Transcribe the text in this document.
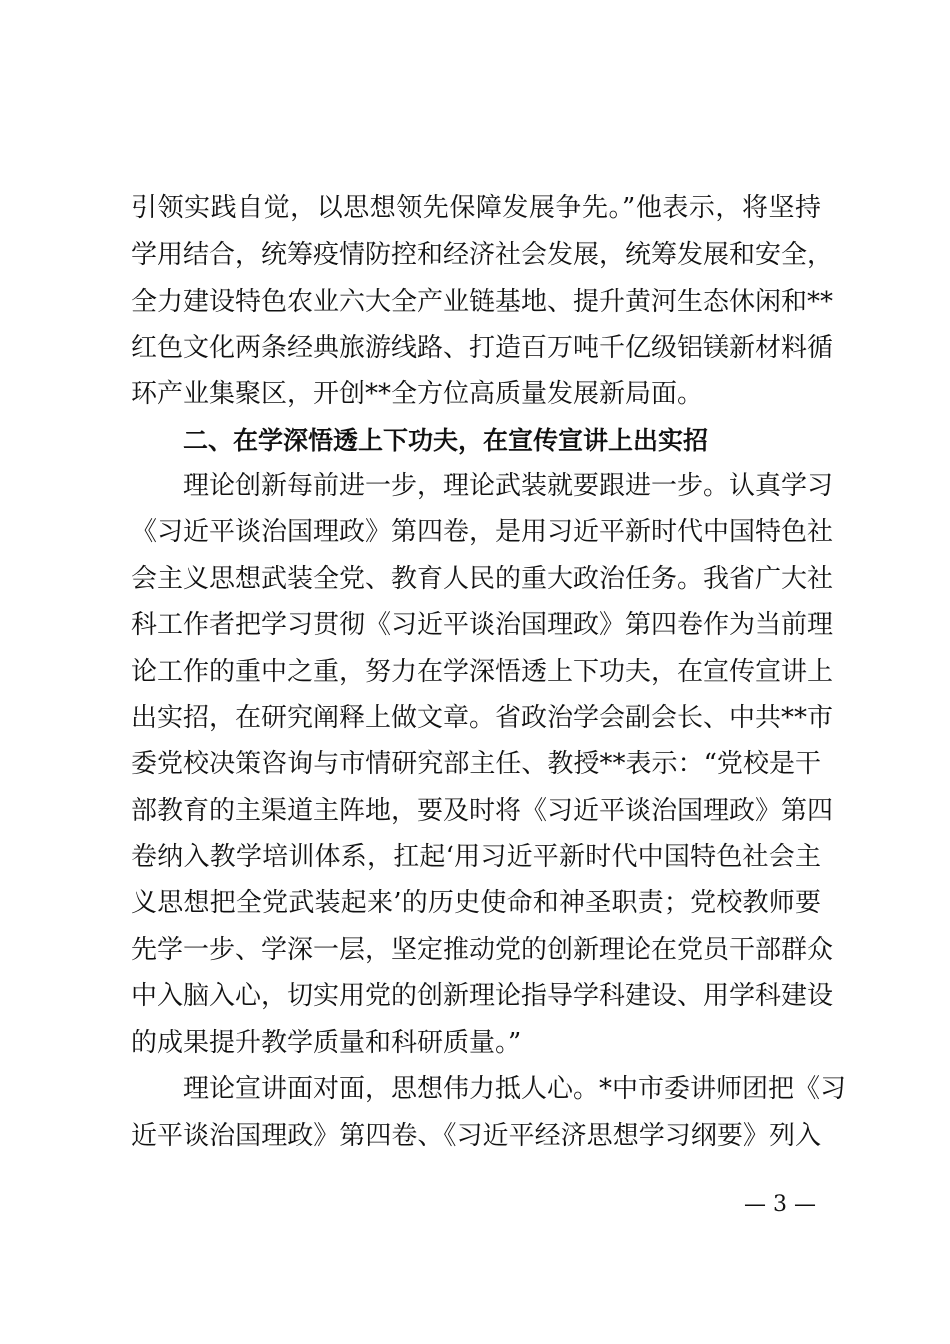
引领实践自觉，以思想领先保障发展争先。”他表示，将坚持
学用结合，统筹疫情防控和经济社会发展，统筹发展和安全，
全力建设特色农业六大全产业链基地、提升黄河生态休闲和**
红色文化两条经典旅游线路、打造百万吨千亿级铝镁新材料循
环产业集聚区，开创**全方位高质量发展新局面。
二、在学深悟透上下功夫，在宣传宣讲上出实招
理论创新每前进一步，理论武装就要跟进一步。认真学习
《习近平谈治国理政》第四卷，是用习近平新时代中国特色社
会主义思想武装全党、教育人民的重大政治任务。我省广大社
科工作者把学习贯彻《习近平谈治国理政》第四卷作为当前理
论工作的重中之重，努力在学深悟透上下功夫，在宣传宣讲上
出实招，在研究阐释上做文章。省政治学会副会长、中共**市
委党校决策咨询与市情研究部主任、教授**表示：“党校是干
部教育的主渠道主阵地，要及时将《习近平谈治国理政》第四
卷纳入教学培训体系，扛起‘用习近平新时代中国特色社会主
义思想把全党武装起来’的历史使命和神圣职责；党校教师要
先学一步、学深一层，坚定推动党的创新理论在党员干部群众
中入脑入心，切实用党的创新理论指导学科建设、用学科建设
的成果提升教学质量和科研质量。”
理论宣讲面对面，思想伟力抵人心。*中市委讲师团把《习
近平谈治国理政》第四卷、《习近平经济思想学习纲要》列入
— 3 —
